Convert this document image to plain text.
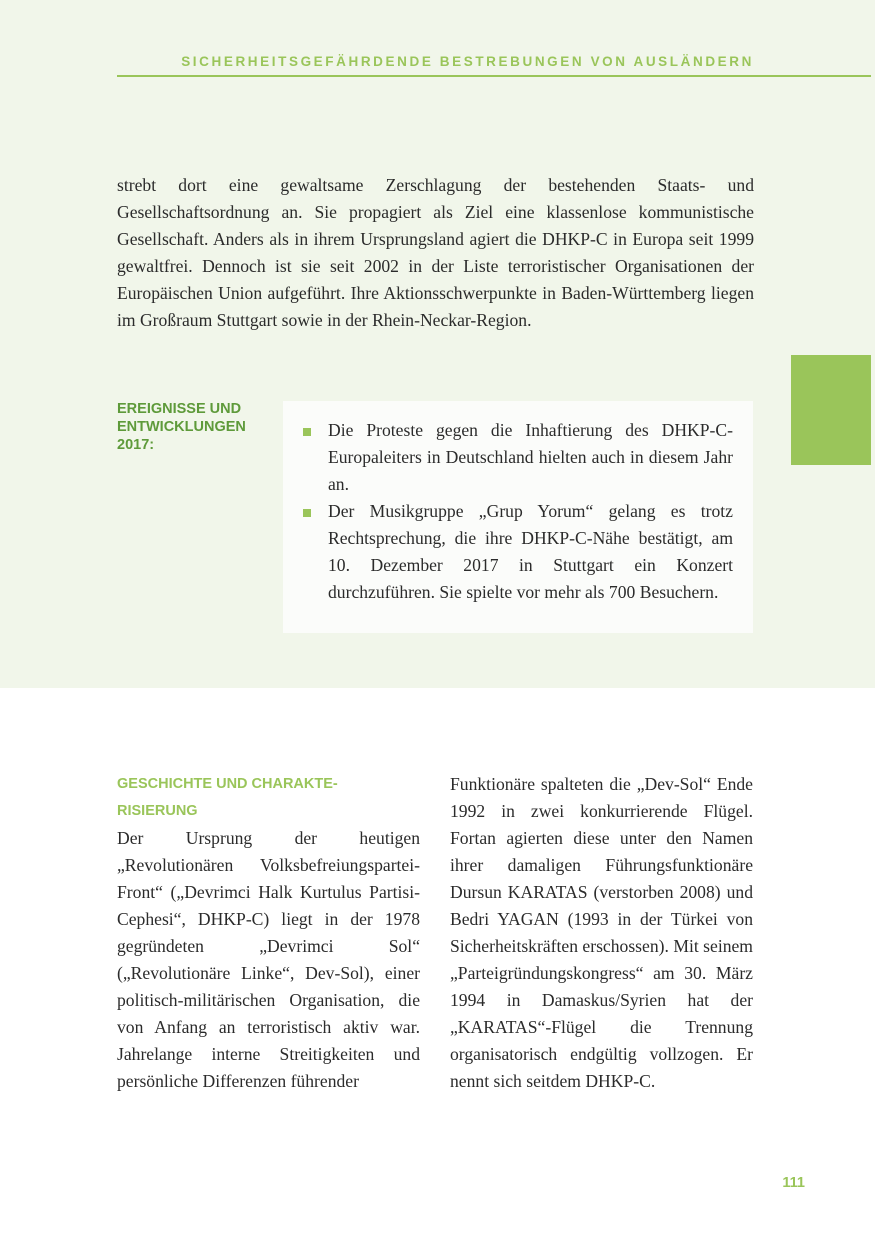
SICHERHEITSGEFÄHRDENDE BESTREBUNGEN VON AUSLÄNDERN

strebt dort eine gewaltsame Zerschlagung der bestehenden Staats- und Gesellschaftsordnung an. Sie propagiert als Ziel eine klassenlose kommunistische Gesellschaft. Anders als in ihrem Ursprungsland agiert die DHKP-C in Europa seit 1999 gewaltfrei. Dennoch ist sie seit 2002 in der Liste terroristischer Organisationen der Europäischen Union aufgeführt. Ihre Aktionsschwerpunkte in Baden-Württemberg liegen im Großraum Stuttgart sowie in der Rhein-Neckar-Region.

EREIGNISSE UND
ENTWICKLUNGEN
2017:
Die Proteste gegen die Inhaftierung des DHKP-C-Europaleiters in Deutschland hielten auch in diesem Jahr an.
Der Musikgruppe „Grup Yorum“ gelang es trotz Rechtsprechung, die ihre DHKP-C-Nähe bestätigt, am 10. Dezember 2017 in Stuttgart ein Konzert durchzuführen. Sie spielte vor mehr als 700 Besuchern.
GESCHICHTE UND CHARAKTE-
RISIERUNG

Der Ursprung der heutigen „Revolutionären Volksbefreiungspartei-Front“ („Devrimci Halk Kurtulus Partisi-Cephesi“, DHKP-C) liegt in der 1978 gegründeten „Devrimci Sol“ („Revolutionäre Linke“, Dev-Sol), einer politisch-militärischen Organisation, die von Anfang an terroristisch aktiv war. Jahrelange interne Streitigkeiten und persönliche Differenzen führender

Funktionäre spalteten die „Dev-Sol“ Ende 1992 in zwei konkurrierende Flügel. Fortan agierten diese unter den Namen ihrer damaligen Führungsfunktionäre Dursun KARATAS (verstorben 2008) und Bedri YAGAN (1993 in der Türkei von Sicherheitskräften erschossen). Mit seinem „Parteigründungskongress“ am 30. März 1994 in Damaskus/Syrien hat der „KARATAS“-Flügel die Trennung organisatorisch endgültig vollzogen. Er nennt sich seitdem DHKP-C.

111
